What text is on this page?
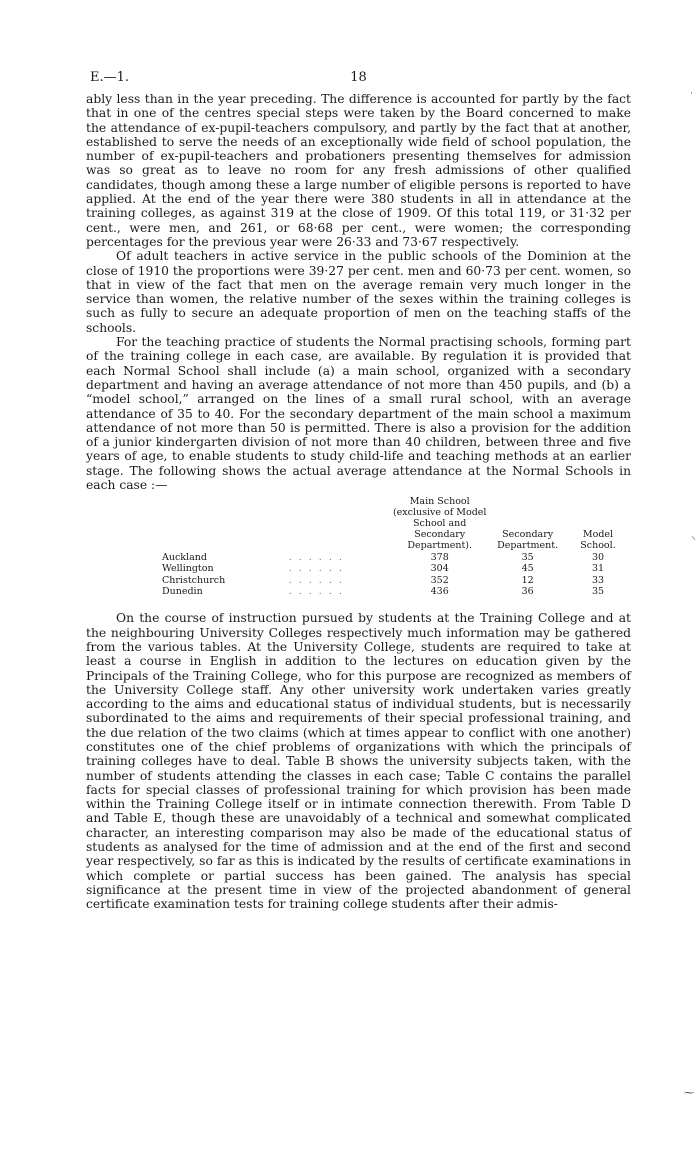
E.—1.	18

ably less than in the year preceding. The difference is accounted for partly by the fact that in one of the centres special steps were taken by the Board concerned to make the attendance of ex-pupil-teachers compulsory, and partly by the fact that at another, established to serve the needs of an exceptionally wide field of school population, the number of ex-pupil-teachers and probationers presenting themselves for admission was so great as to leave no room for any fresh admissions of other qualified candidates, though among these a large number of eligible persons is reported to have applied. At the end of the year there were 380 students in all in attendance at the training colleges, as against 319 at the close of 1909. Of this total 119, or 31·32 per cent., were men, and 261, or 68·68 per cent., were women; the corresponding percentages for the previous year were 26·33 and 73·67 respectively.

Of adult teachers in active service in the public schools of the Dominion at the close of 1910 the proportions were 39·27 per cent. men and 60·73 per cent. women, so that in view of the fact that men on the average remain very much longer in the service than women, the relative number of the sexes within the training colleges is such as fully to secure an adequate proportion of men on the teaching staffs of the schools.

For the teaching practice of students the Normal practising schools, forming part of the training college in each case, are available. By regulation it is provided that each Normal School shall include (a) a main school, organized with a secondary department and having an average attendance of not more than 450 pupils, and (b) a “model school,” arranged on the lines of a small rural school, with an average attendance of 35 to 40. For the secondary department of the main school a maximum attendance of not more than 50 is permitted. There is also a provision for the addition of a junior kindergarten division of not more than 40 children, between three and five years of age, to enable students to study child-life and teaching methods at an earlier stage. The following shows the actual average attendance at the Normal Schools in each case :—

		Main School (exclusive of Model School and Secondary Department).	Secondary Department.	Model School.
Auckland	. . . . . .	378	35	30
Wellington	. . . . . .	304	45	31
Christchurch	. . . . . .	352	12	33
Dunedin	. . . . . .	436	36	35

On the course of instruction pursued by students at the Training College and at the neighbouring University Colleges respectively much information may be gathered from the various tables. At the University College, students are required to take at least a course in English in addition to the lectures on education given by the Principals of the Training College, who for this purpose are recognized as members of the University College staff. Any other university work undertaken varies greatly according to the aims and educational status of individual students, but is necessarily subordinated to the aims and requirements of their special professional training, and the due relation of the two claims (which at times appear to conflict with one another) constitutes one of the chief problems of organizations with which the principals of training colleges have to deal. Table B shows the university subjects taken, with the number of students attending the classes in each case; Table C contains the parallel facts for special classes of professional training for which provision has been made within the Training College itself or in intimate connection therewith. From Table D and Table E, though these are unavoidably of a technical and somewhat complicated character, an interesting comparison may also be made of the educational status of students as analysed for the time of admission and at the end of the first and second year respectively, so far as this is indicated by the results of certificate examinations in which complete or partial success has been gained. The analysis has special significance at the present time in view of the projected abandonment of general certificate examination tests for training college students after their admis-

˙
⸜
⁓
